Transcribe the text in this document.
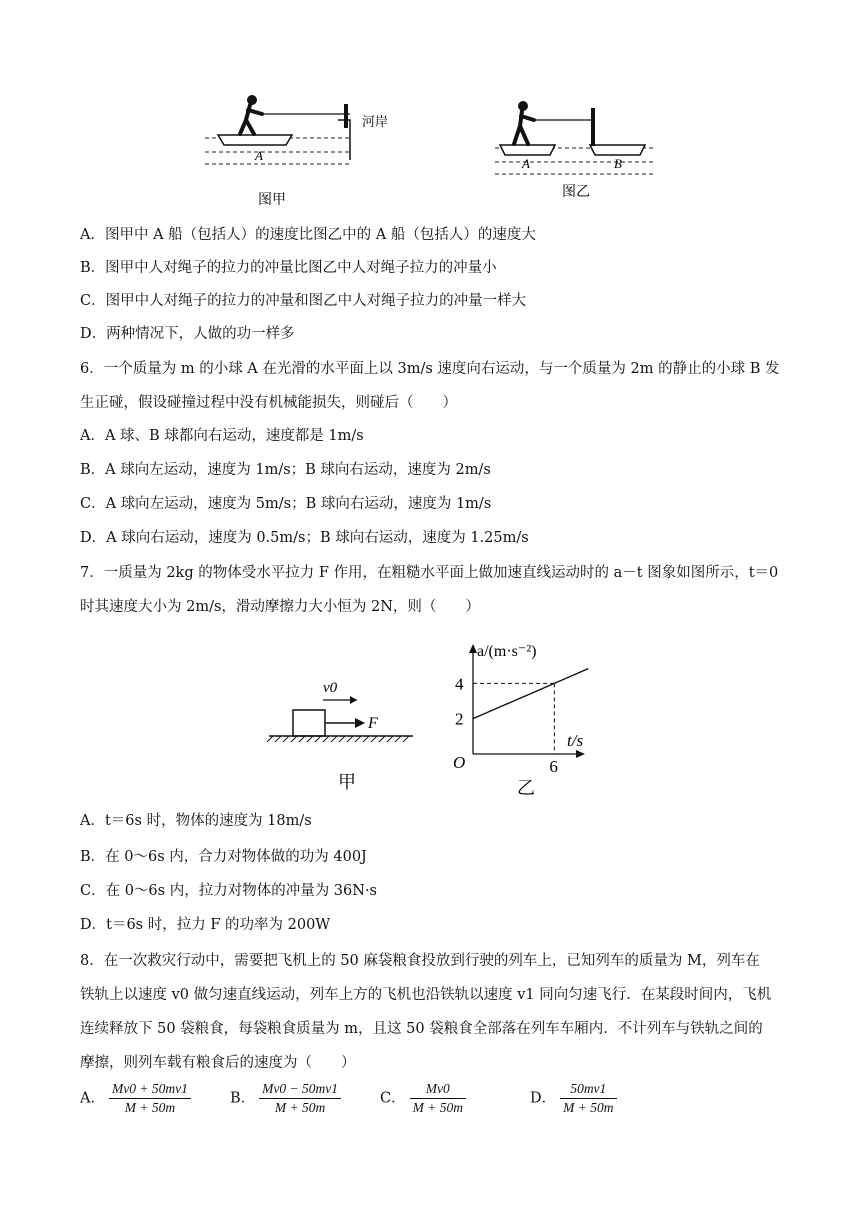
A
河岸
A	B
图甲
图乙
A．图甲中 A 船（包括人）的速度比图乙中的 A 船（包括人）的速度大
B．图甲中人对绳子的拉力的冲量比图乙中人对绳子拉力的冲量小
C．图甲中人对绳子的拉力的冲量和图乙中人对绳子拉力的冲量一样大
D．两种情况下，人做的功一样多
6．一个质量为 m 的小球 A 在光滑的水平面上以 3m/s 速度向右运动，与一个质量为 2m 的静止的小球 B 发
生正碰，假设碰撞过程中没有机械能损失，则碰后（　　）
A．A 球、B 球都向右运动，速度都是 1m/s
B．A 球向左运动，速度为 1m/s；B 球向右运动，速度为 2m/s
C．A 球向左运动，速度为 5m/s；B 球向右运动，速度为 1m/s
D．A 球向右运动，速度为 0.5m/s；B 球向右运动，速度为 1.25m/s
7．一质量为 2kg 的物体受水平拉力 F 作用，在粗糙水平面上做加速直线运动时的 a－t 图象如图所示，t＝0
时其速度大小为 2m/s，滑动摩擦力大小恒为 2N，则（　　）
v0
F
甲
a/(m·s⁻²)
t/s
O
2
4
6
乙
A．t＝6s 时，物体的速度为 18m/s
B．在 0～6s 内，合力对物体做的功为 400J
C．在 0～6s 内，拉力对物体的冲量为 36N·s
D．t＝6s 时，拉力 F 的功率为 200W
8．在一次救灾行动中，需要把飞机上的 50 麻袋粮食投放到行驶的列车上，已知列车的质量为 M，列车在
铁轨上以速度 v0 做匀速直线运动，列车上方的飞机也沿铁轨以速度 v1 同向匀速飞行．在某段时间内，飞机
连续释放下 50 袋粮食，每袋粮食质量为 m，且这 50 袋粮食全部落在列车车厢内．不计列车与铁轨之间的
摩擦，则列车载有粮食后的速度为（　　）
A． $\frac{Mv0 + 50mv1}{M + 50m}$	B． $\frac{Mv0 - 50mv1}{M + 50m}$	C． $\frac{Mv0}{M + 50m}$	D． $\frac{50mv1}{M + 50m}$
